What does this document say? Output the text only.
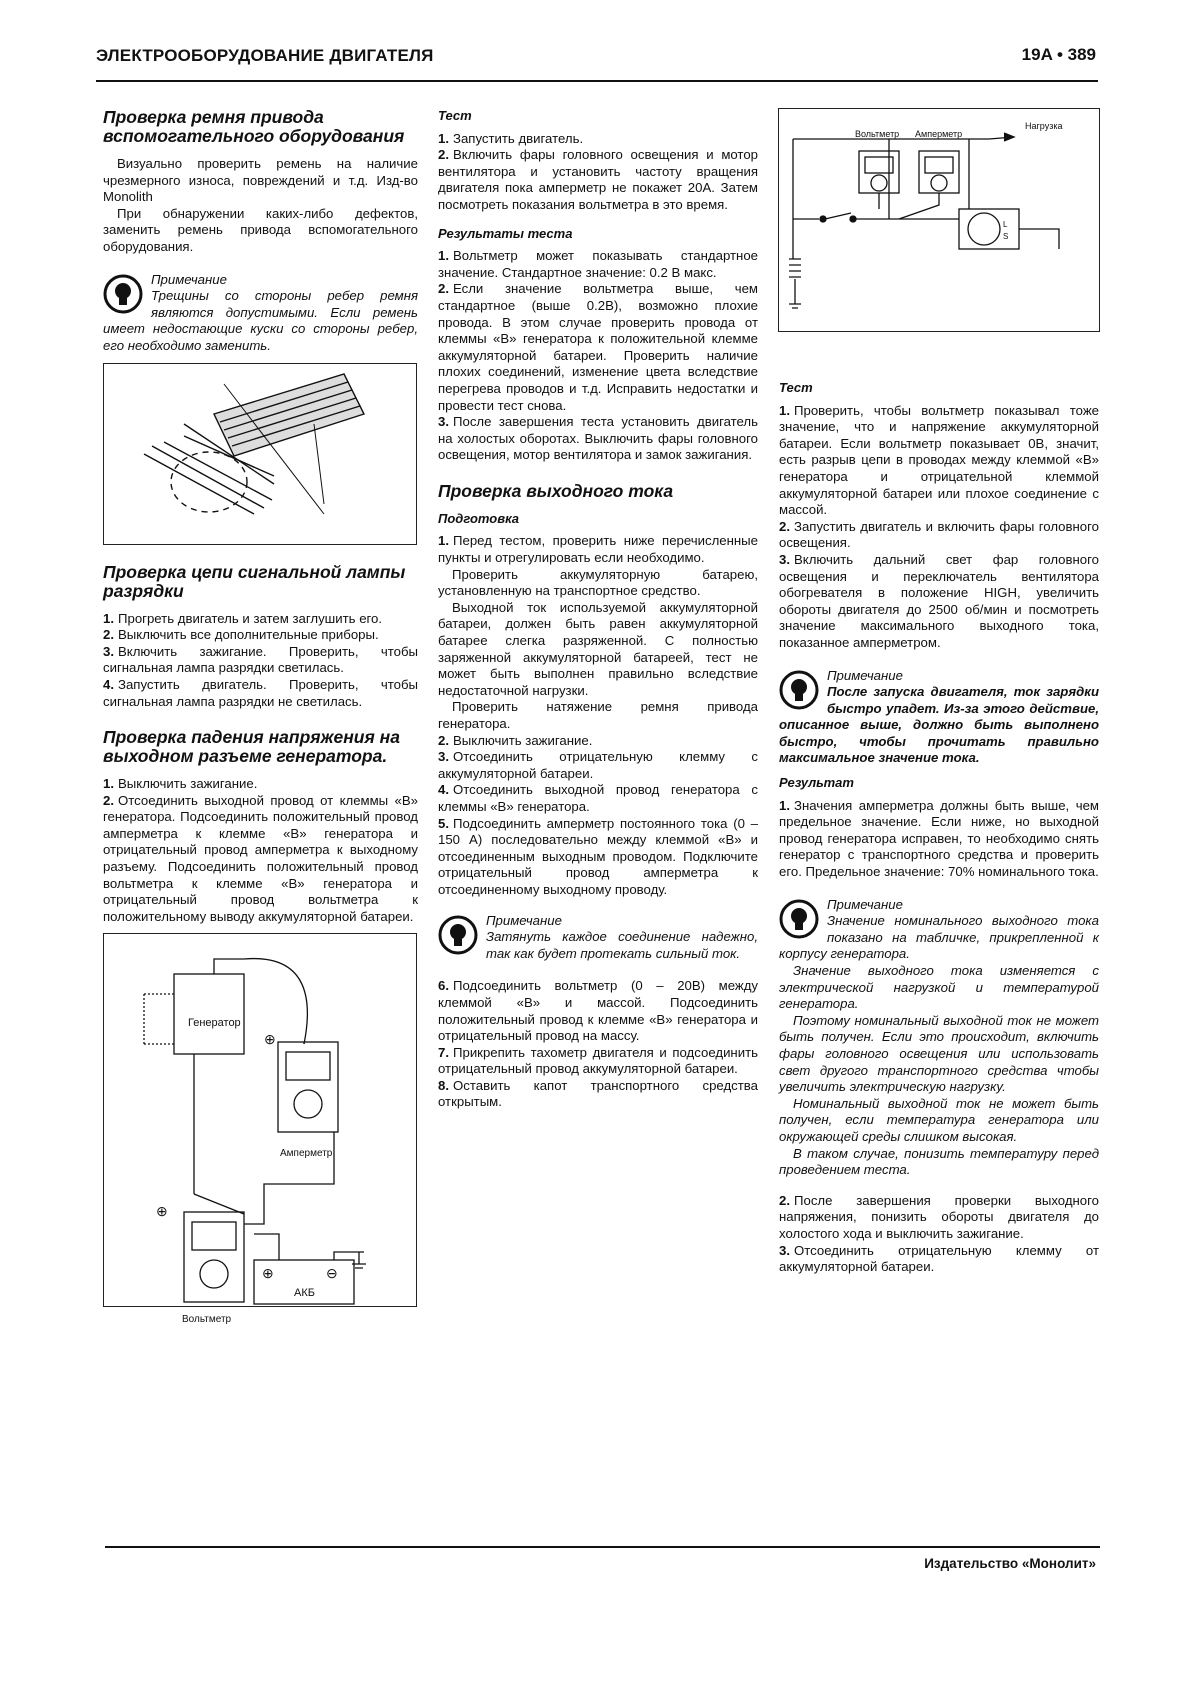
ЭЛЕКТРООБОРУДОВАНИЕ ДВИГАТЕЛЯ	19A • 389
Проверка ремня привода вспомогательного оборудования

Визуально проверить ремень на наличие чрезмерного износа, повреждений и т.д. Изд-во Monolith

При обнаружении каких-либо дефектов, заменить ремень привода вспомогательного оборудования.

Примечание

Трещины со стороны ребер ремня являются допустимыми. Если ремень имеет недостающие куски со стороны ребер, его необходимо заменить.

Проверка цепи сигнальной лампы разрядки
1. Прогреть двигатель и затем заглушить его.
2. Выключить все дополнительные приборы.
3. Включить зажигание. Проверить, чтобы сигнальная лампа разрядки светилась.
4. Запустить двигатель. Проверить, чтобы сигнальная лампа разрядки не светилась.
Проверка падения напряжения на выходном разъеме генератора.
1. Выключить зажигание.
2. Отсоединить выходной провод от клеммы «B» генератора. Подсоединить положительный провод амперметра к клемме «B» генератора и отрицательный провод амперметра к выходному разъему. Подсоединить положительный провод вольтметра к клемме «B» генератора и отрицательный провод вольтметра к положительному выводу аккумуляторной батареи.
Генератор
Амперметр
Вольтметр
АКБ
⊕
⊕
⊕	⊖
Тест
1. Запустить двигатель.
2. Включить фары головного освещения и мотор вентилятора и установить частоту вращения двигателя пока амперметр не покажет 20А. Затем посмотреть показания вольтметра в это время.
Результаты теста
1. Вольтметр может показывать стандартное значение. Стандартное значение: 0.2 В макс.
2. Если значение вольтметра выше, чем стандартное (выше 0.2В), возможно плохие провода. В этом случае проверить провода от клеммы «B» генератора к положительной клемме аккумуляторной батареи. Проверить наличие плохих соединений, изменение цвета вследствие перегрева проводов и т.д. Исправить недостатки и провести тест снова.
3. После завершения теста установить двигатель на холостых оборотах. Выключить фары головного освещения, мотор вентилятора и замок зажигания.
Проверка выходного тока
Подготовка
1. Перед тестом, проверить ниже перечисленные пункты и отрегулировать если необходимо.

Проверить аккумуляторную батарею, установленную на транспортное средство.

Выходной ток используемой аккумуляторной батареи, должен быть равен аккумуляторной батарее слегка разряженной. С полностью заряженной аккумуляторной батареей, тест не может быть выполнен правильно вследствие недостаточной нагрузки.

Проверить натяжение ремня привода генератора.

2. Выключить зажигание.
3. Отсоединить отрицательную клемму с аккумуляторной батареи.
4. Отсоединить выходной провод генератора с клеммы «B» генератора.
5. Подсоединить амперметр постоянного тока (0 – 150 А) последовательно между клеммой «B» и отсоединенным выходным проводом. Подключите отрицательный провод амперметра к отсоединенному выходному проводу.
Примечание

Затянуть каждое соединение надежно, так как будет протекать сильный ток.

6. Подсоединить вольтметр (0 – 20В) между клеммой «B» и массой. Подсоединить положительный провод к клемме «B» генератора и отрицательный провод на массу.
7. Прикрепить тахометр двигателя и подсоединить отрицательный провод аккумуляторной батареи.
8. Оставить капот транспортного средства открытым.
Вольтметр Амперметр
Нагрузка
L
S
Тест
1. Проверить, чтобы вольтметр показывал тоже значение, что и напряжение аккумуляторной батареи. Если вольтметр показывает 0В, значит, есть разрыв цепи в проводах между клеммой «B» генератора и отрицательной клеммой аккумуляторной батареи или плохое соединение с массой.
2. Запустить двигатель и включить фары головного освещения.
3. Включить дальний свет фар головного освещения и переключатель вентилятора обогревателя в положение HIGH, увеличить обороты двигателя до 2500 об/мин и посмотреть значение максимального выходного тока, показанное амперметром.
Примечание

После запуска двигателя, ток зарядки быстро упадет. Из-за этого действие, описанное выше, должно быть выполнено быстро, чтобы прочитать правильно максимальное значение тока.

Результат
1. Значения амперметра должны быть выше, чем предельное значение. Если ниже, но выходной провод генератора исправен, то необходимо снять генератор с транспортного средства и проверить его. Предельное значение: 70% номинального тока.
Примечание

Значение номинального выходного тока показано на табличке, прикрепленной к корпусу генератора.

Значение выходного тока изменяется с электрической нагрузкой и температурой генератора.

Поэтому номинальный выходной ток не может быть получен. Если это происходит, включить фары головного освещения или использовать свет другого транспортного средства чтобы увеличить электрическую нагрузку.

Номинальный выходной ток не может быть получен, если температура генератора или окружающей среды слишком высокая.

В таком случае, понизить температуру перед проведением теста.

2. После завершения проверки выходного напряжения, понизить обороты двигателя до холостого хода и выключить зажигание.
3. Отсоединить отрицательную клемму от аккумуляторной батареи.
Издательство «Монолит»
